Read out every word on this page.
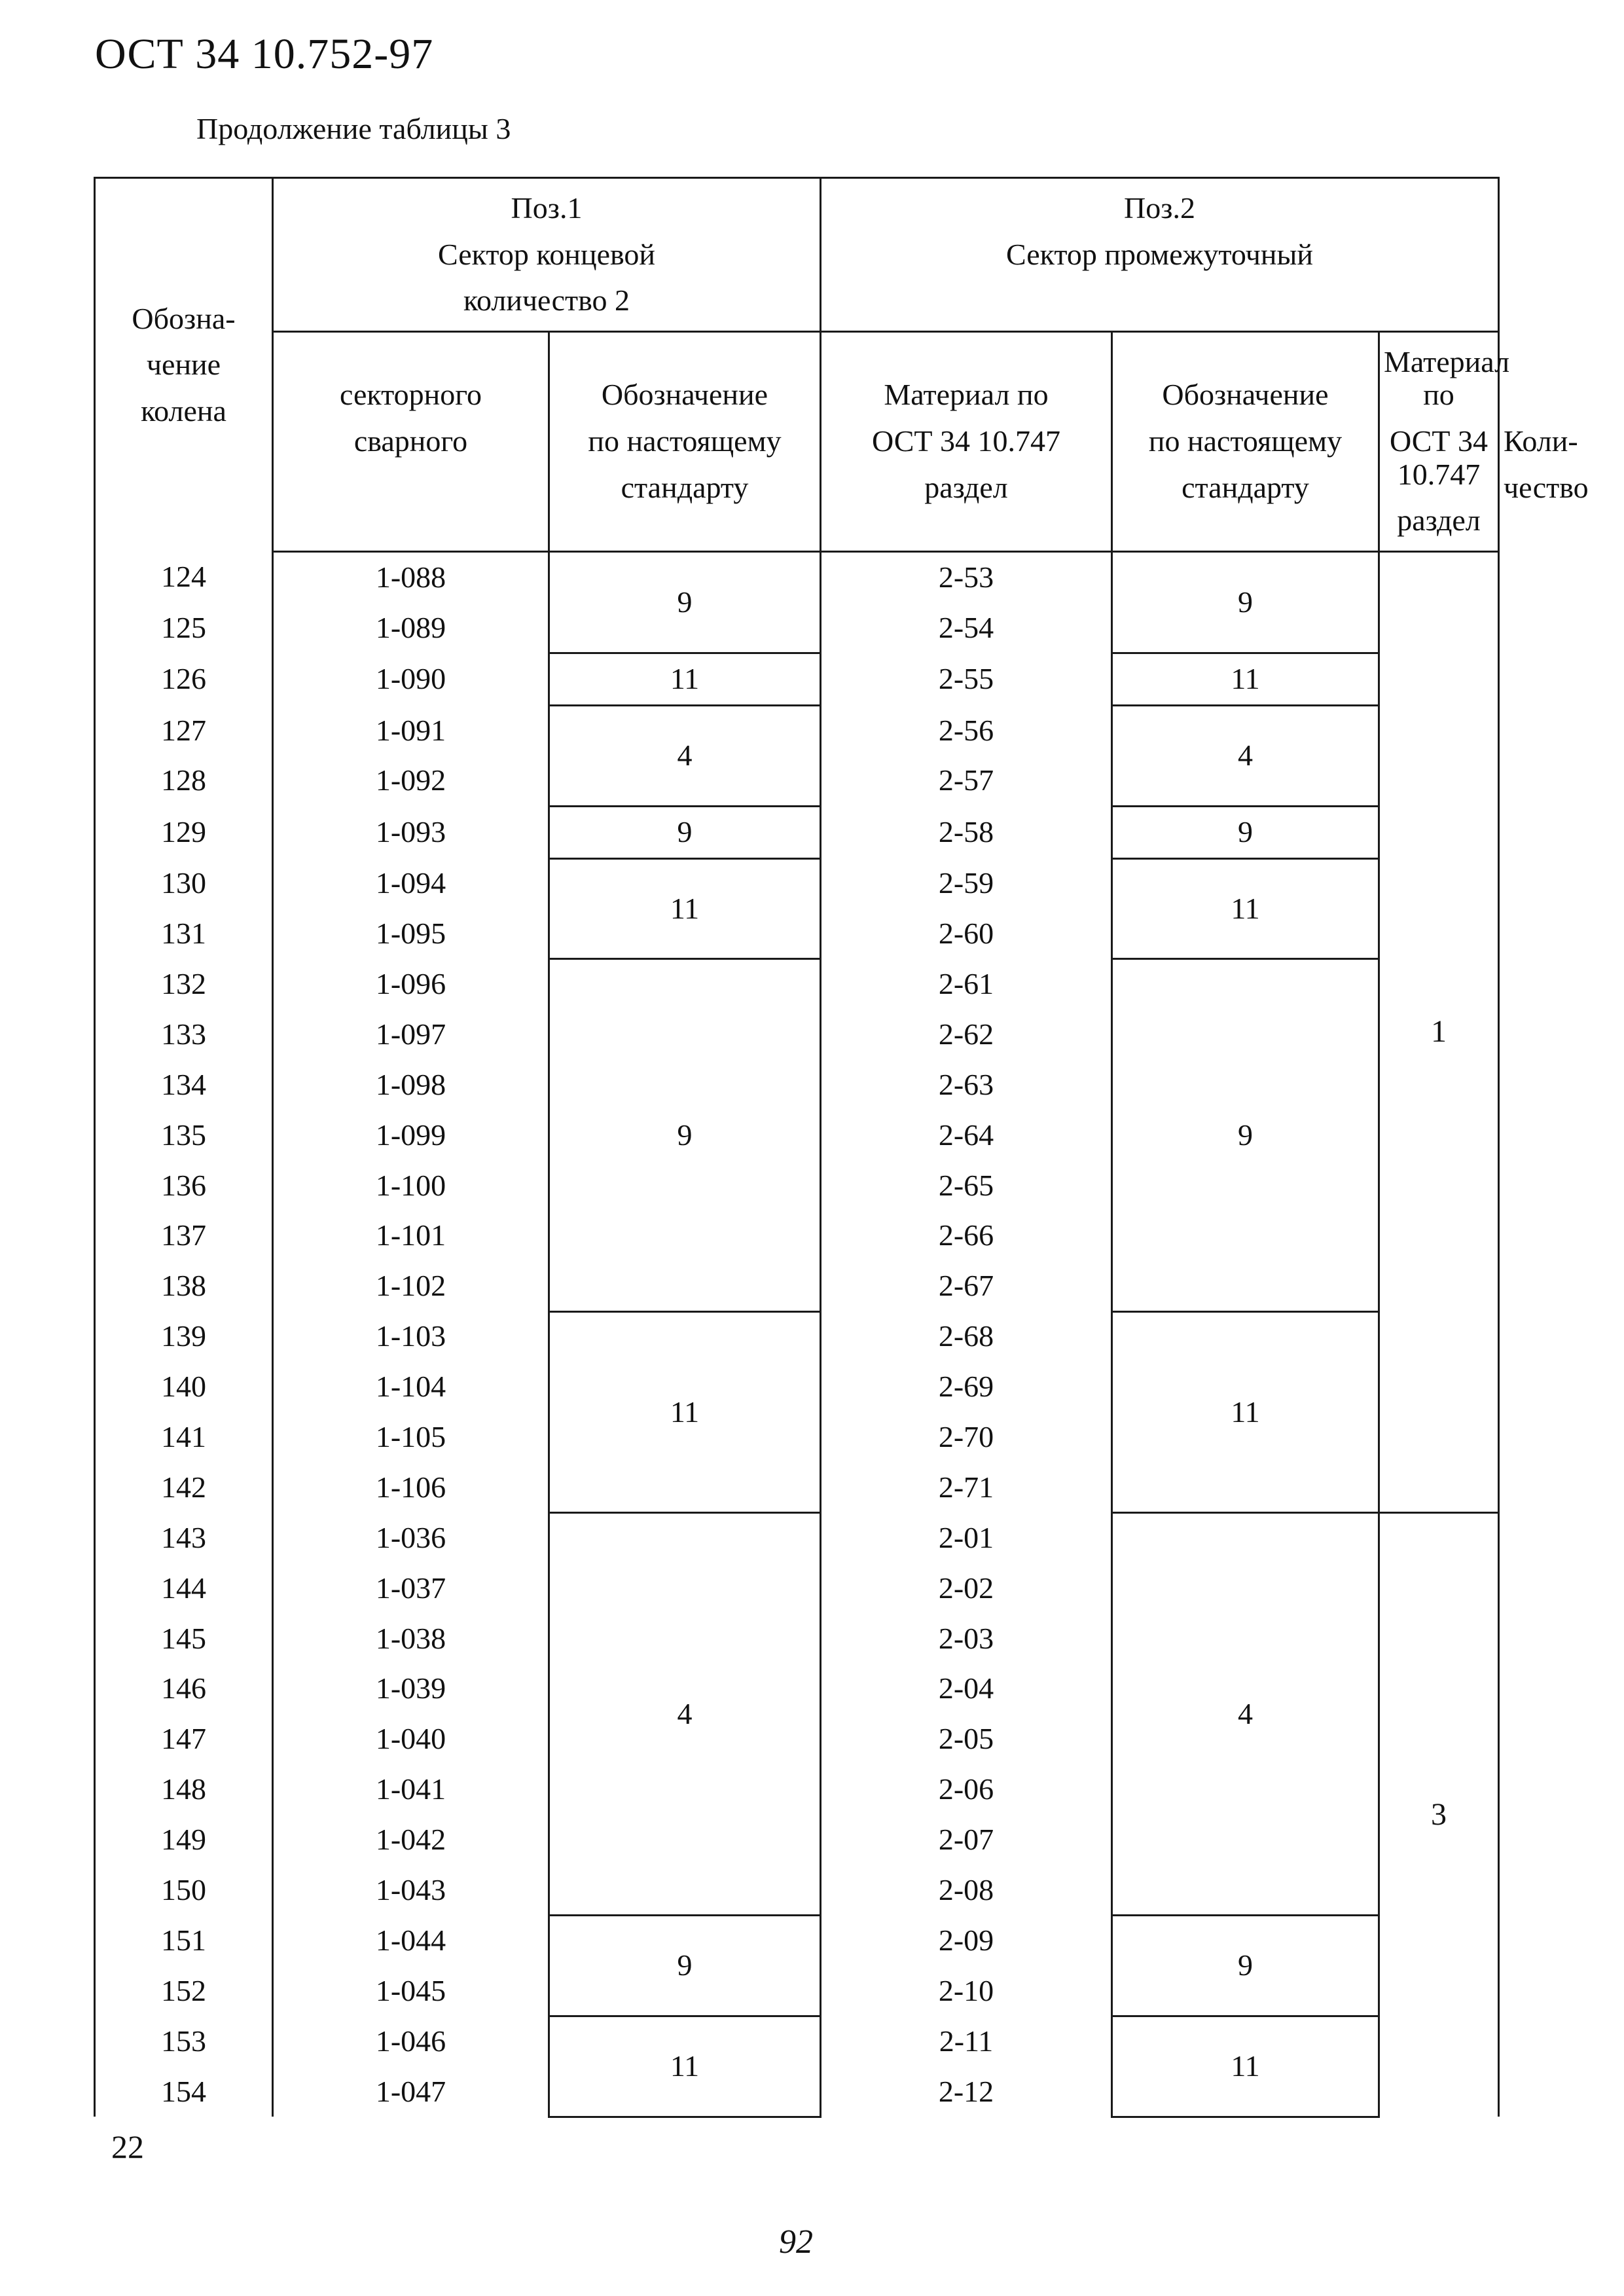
ОСТ 34 10.752-97
Продолжение таблицы 3
Обозна-
чение
колена	Поз.1
Сектор концевой
количество 2		Поз.2
Сектор промежуточный			

	секторного
сварного	Обозначение
по настоящему
стандарту	Материал по
ОСТ 34 10.747
раздел	Обозначение
по настоящему
стандарту	Материал по
ОСТ 34 10.747
раздел	Коли-
чество

124	1-088	9	2-53	9	1	
125	1-089		2-54			
126	1-090	11	2-55	11		
127	1-091	4	2-56	4		
128	1-092		2-57			
129	1-093	9	2-58	9		
130	1-094	11	2-59	11		
131	1-095		2-60			
132	1-096	9	2-61	9		
133	1-097		2-62			
134	1-098		2-63			
135	1-099		2-64			
136	1-100		2-65			
137	1-101		2-66			
138	1-102		2-67			
139	1-103	11	2-68	11		
140	1-104		2-69			
141	1-105		2-70			
142	1-106		2-71			
143	1-036	4	2-01	4	3	
144	1-037		2-02			
145	1-038		2-03			
146	1-039		2-04			
147	1-040		2-05			
148	1-041		2-06			
149	1-042		2-07			
150	1-043		2-08			
151	1-044	9	2-09	9		
152	1-045		2-10			
153	1-046	11	2-11	11		
154	1-047		2-12			
22
92
